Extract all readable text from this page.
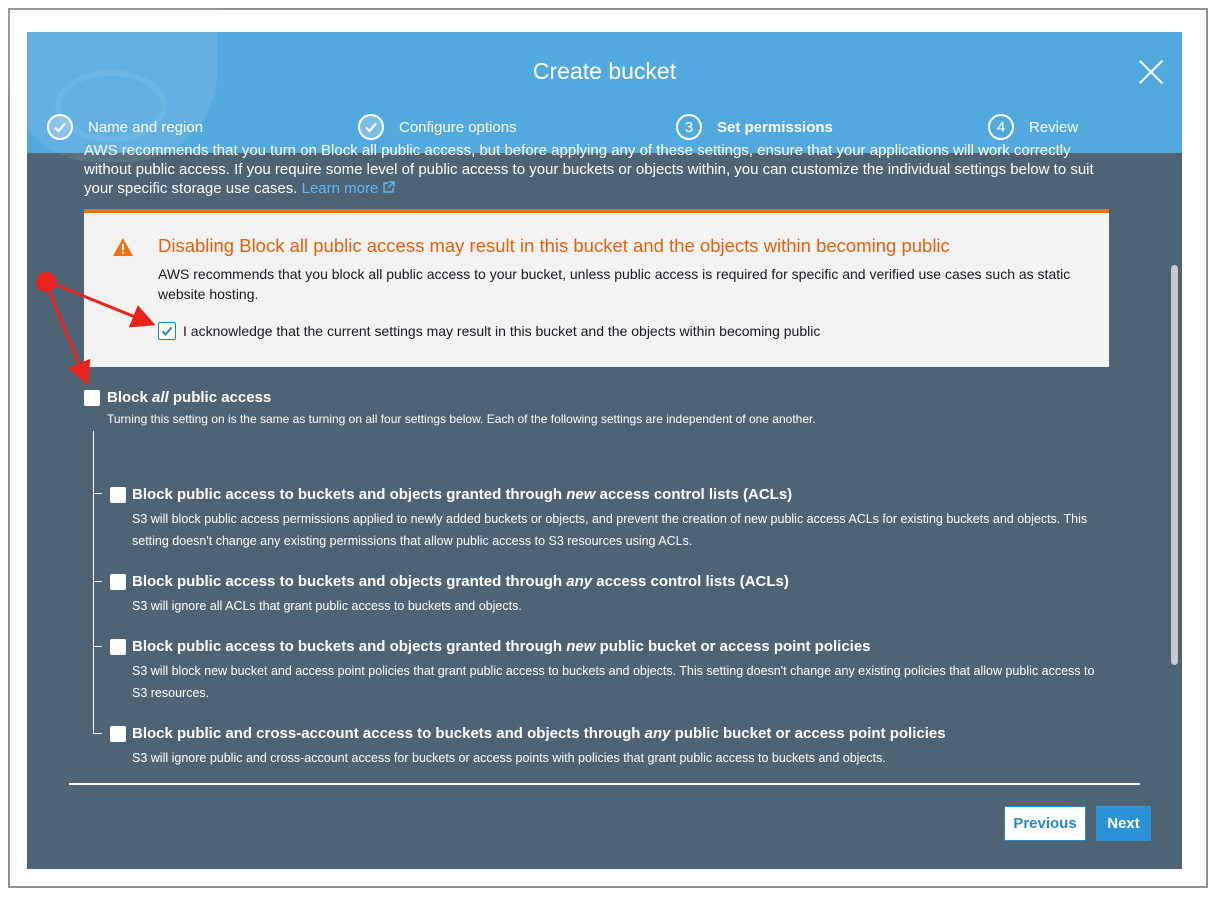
Create bucket
Name and region	Configure options	3	Set permissions	4	Review
AWS recommends that you turn on Block all public access, but before applying any of these settings, ensure that your applications will work correctly without public access. If you require some level of public access to your buckets or objects within, you can customize the individual settings below to suit your specific storage use cases. Learn more
Disabling Block all public access may result in this bucket and the objects within becoming public
AWS recommends that you block all public access to your bucket, unless public access is required for specific and verified use cases such as static website hosting.
I acknowledge that the current settings may result in this bucket and the objects within becoming public
Block all public access
Turning this setting on is the same as turning on all four settings below. Each of the following settings are independent of one another.
Block public access to buckets and objects granted through new access control lists (ACLs)
S3 will block public access permissions applied to newly added buckets or objects, and prevent the creation of new public access ACLs for existing buckets and objects. This setting doesn't change any existing permissions that allow public access to S3 resources using ACLs.
Block public access to buckets and objects granted through any access control lists (ACLs)
S3 will ignore all ACLs that grant public access to buckets and objects.
Block public access to buckets and objects granted through new public bucket or access point policies
S3 will block new bucket and access point policies that grant public access to buckets and objects. This setting doesn't change any existing policies that allow public access to S3 resources.
Block public and cross-account access to buckets and objects through any public bucket or access point policies
S3 will ignore public and cross-account access for buckets or access points with policies that grant public access to buckets and objects.
Previous	Next
